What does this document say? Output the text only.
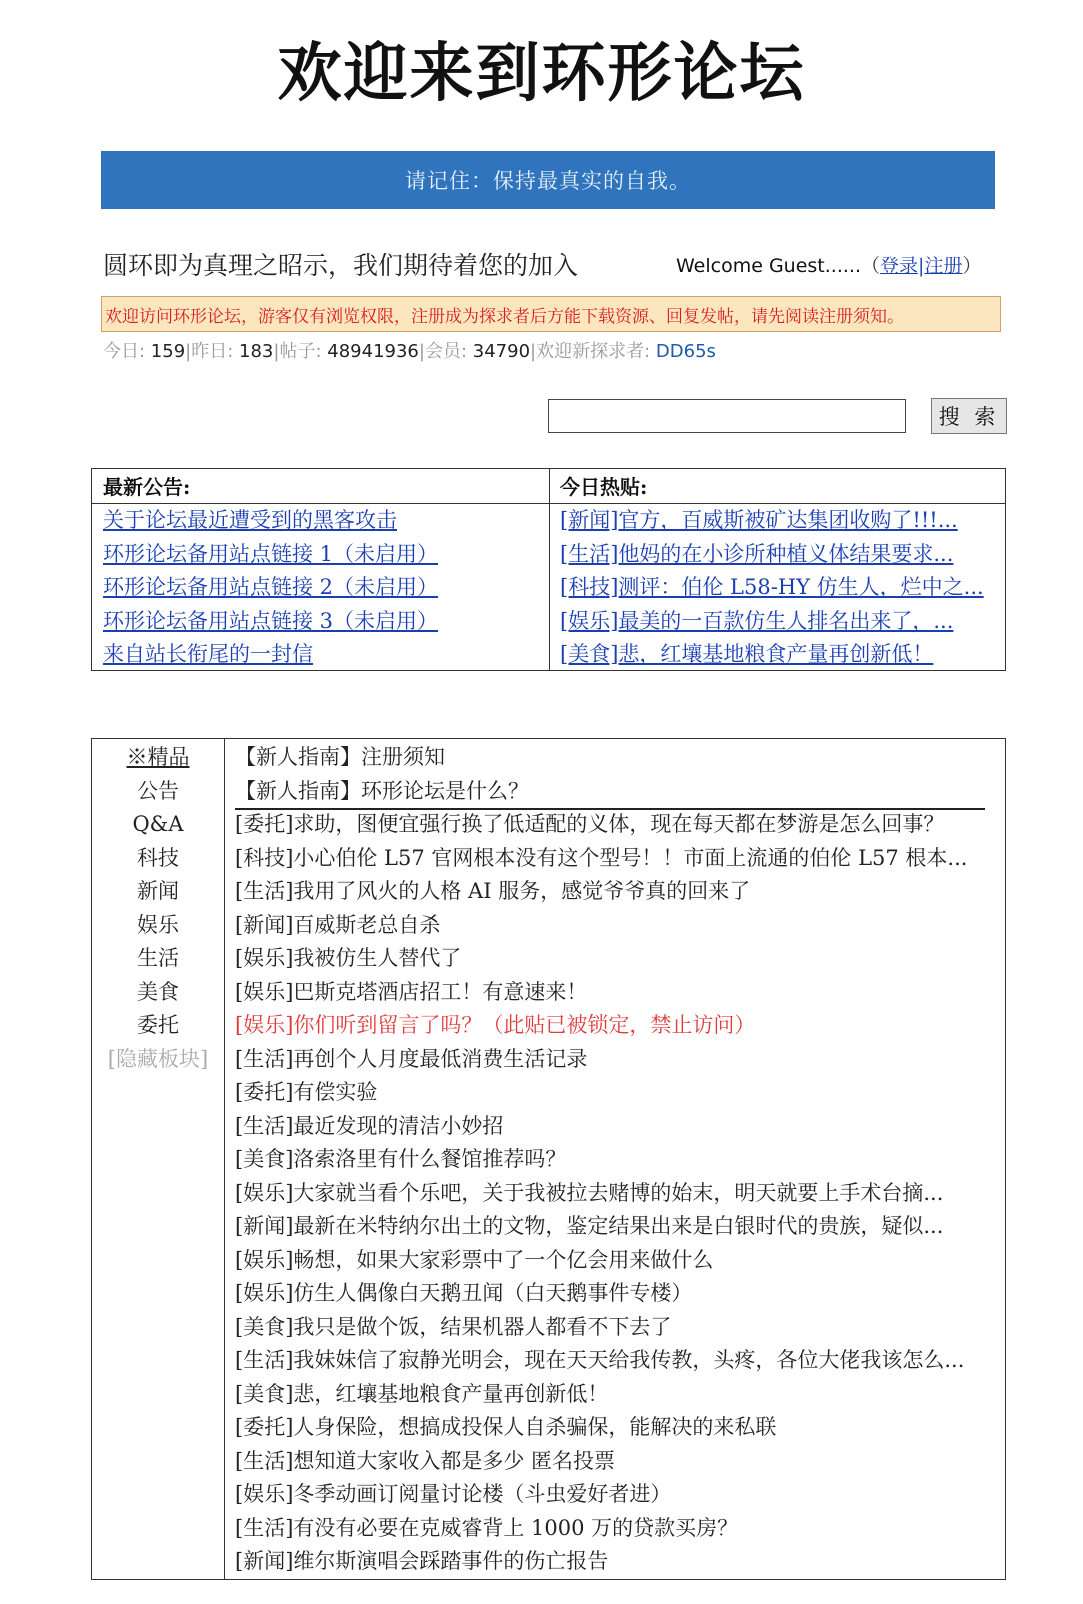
欢迎来到环形论坛
请记住：保持最真实的自我。
圆环即为真理之昭示，我们期待着您的加入	Welcome Guest......（登录|注册）
欢迎访问环形论坛，游客仅有浏览权限，注册成为探求者后方能下载资源、回复发帖，请先阅读注册须知。
今日: 159|昨日: 183|帖子: 48941936|会员: 34790|欢迎新探求者: DD65s
搜 索
最新公告:	今日热贴:
关于论坛最近遭受到的黑客攻击
环形论坛备用站点链接 1（未启用）
环形论坛备用站点链接 2（未启用）
环形论坛备用站点链接 3（未启用）
来自站长衔尾的一封信
[新闻]官方，百威斯被矿达集团收购了!!!...
[生活]他妈的在小诊所种植义体结果要求...
[科技]测评：伯伦 L58-HY 仿生人，烂中之...
[娱乐]最美的一百款仿生人排名出来了，...
[美食]悲，红壤基地粮食产量再创新低！
※精品
公告
Q&A
科技
新闻
娱乐
生活
美食
委托
[隐藏板块]
【新人指南】注册须知
【新人指南】环形论坛是什么？
[委托]求助，图便宜强行换了低适配的义体，现在每天都在梦游是怎么回事？
[科技]小心伯伦 L57 官网根本没有这个型号！！市面上流通的伯伦 L57 根本...
[生活]我用了风火的人格 AI 服务，感觉爷爷真的回来了
[新闻]百威斯老总自杀
[娱乐]我被仿生人替代了
[娱乐]巴斯克塔酒店招工！有意速来！
[娱乐]你们听到留言了吗？（此贴已被锁定，禁止访问）
[生活]再创个人月度最低消费生活记录
[委托]有偿实验
[生活]最近发现的清洁小妙招
[美食]洛索洛里有什么餐馆推荐吗？
[娱乐]大家就当看个乐吧，关于我被拉去赌博的始末，明天就要上手术台摘...
[新闻]最新在米特纳尔出土的文物，鉴定结果出来是白银时代的贵族，疑似...
[娱乐]畅想，如果大家彩票中了一个亿会用来做什么
[娱乐]仿生人偶像白天鹅丑闻（白天鹅事件专楼）
[美食]我只是做个饭，结果机器人都看不下去了
[生活]我妹妹信了寂静光明会，现在天天给我传教，头疼，各位大佬我该怎么...
[美食]悲，红壤基地粮食产量再创新低！
[委托]人身保险，想搞成投保人自杀骗保，能解决的来私联
[生活]想知道大家收入都是多少 匿名投票
[娱乐]冬季动画订阅量讨论楼（斗虫爱好者进）
[生活]有没有必要在克威睿背上 1000 万的贷款买房？
[新闻]维尔斯演唱会踩踏事件的伤亡报告
